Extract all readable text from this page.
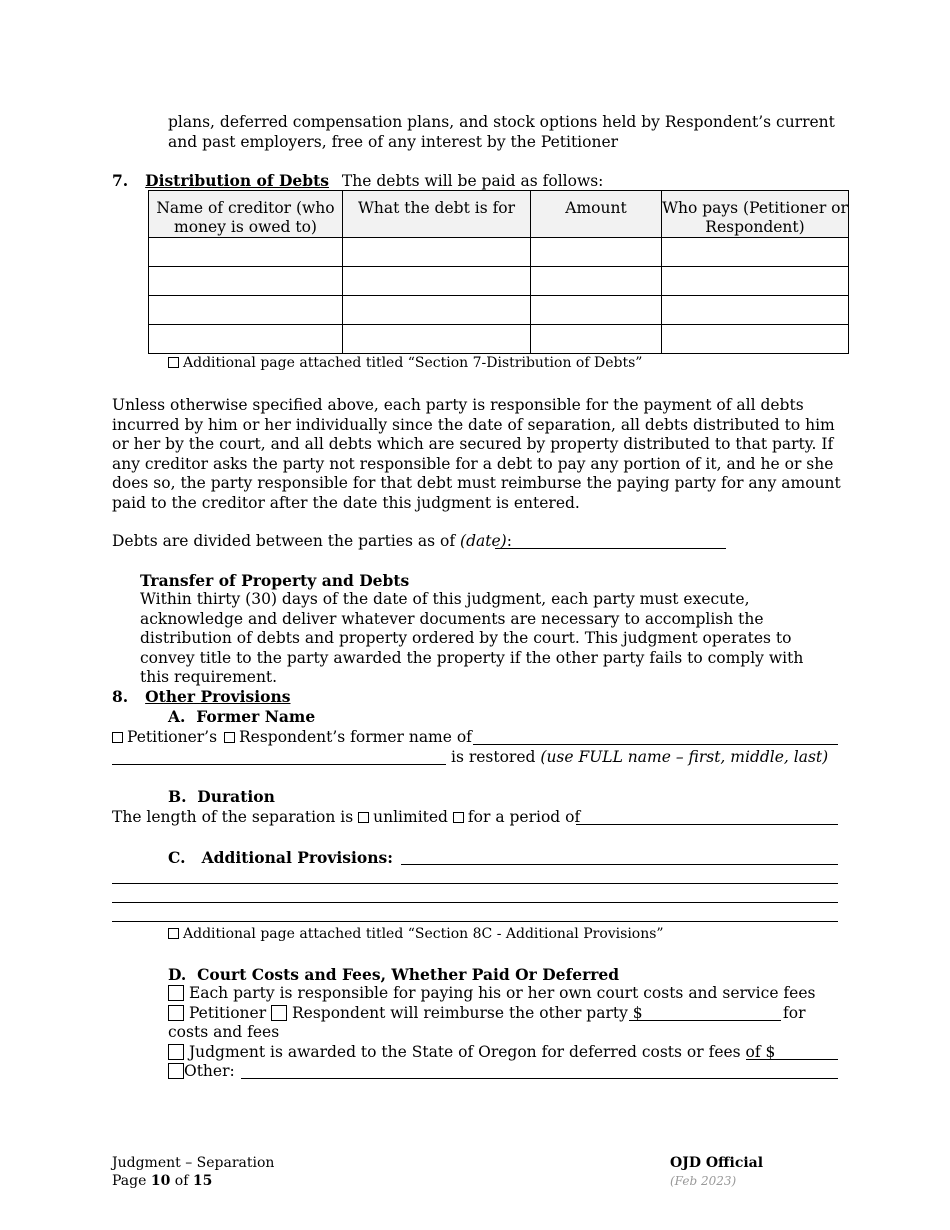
plans, deferred compensation plans, and stock options held by Respondent’s current and past employers, free of any interest by the Petitioner
7. Distribution of Debts The debts will be paid as follows:
Name of creditor (who money is owed to)	What the debt is for	Amount	Who pays (Petitioner or Respondent)

Additional page attached titled “Section 7-Distribution of Debts”
Unless otherwise specified above, each party is responsible for the payment of all debts incurred by him or her individually since the date of separation, all debts distributed to him or her by the court, and all debts which are secured by property distributed to that party. If any creditor asks the party not responsible for a debt to pay any portion of it, and he or she does so, the party responsible for that debt must reimburse the paying party for any amount paid to the creditor after the date this judgment is entered.
Debts are divided between the parties as of (date):
Transfer of Property and Debts
Within thirty (30) days of the date of this judgment, each party must execute, acknowledge and deliver whatever documents are necessary to accomplish the distribution of debts and property ordered by the court. This judgment operates to convey title to the party awarded the property if the other party fails to comply with this requirement.
8. Other Provisions
A.  Former Name
Petitioner’s Respondent’s former name of
is restored (use FULL name – first, middle, last)
B.  Duration
The length of the separation is unlimited for a period of
C.   Additional Provisions:
Additional page attached titled “Section 8C - Additional Provisions”
D.  Court Costs and Fees, Whether Paid Or Deferred
Each party is responsible for paying his or her own court costs and service fees
Petitioner Respondent will reimburse the other party $	for
costs and fees
Judgment is awarded to the State of Oregon for deferred costs or fees of $
Other:
Judgment – Separation
Page 10 of 15
OJD Official
(Feb 2023)
